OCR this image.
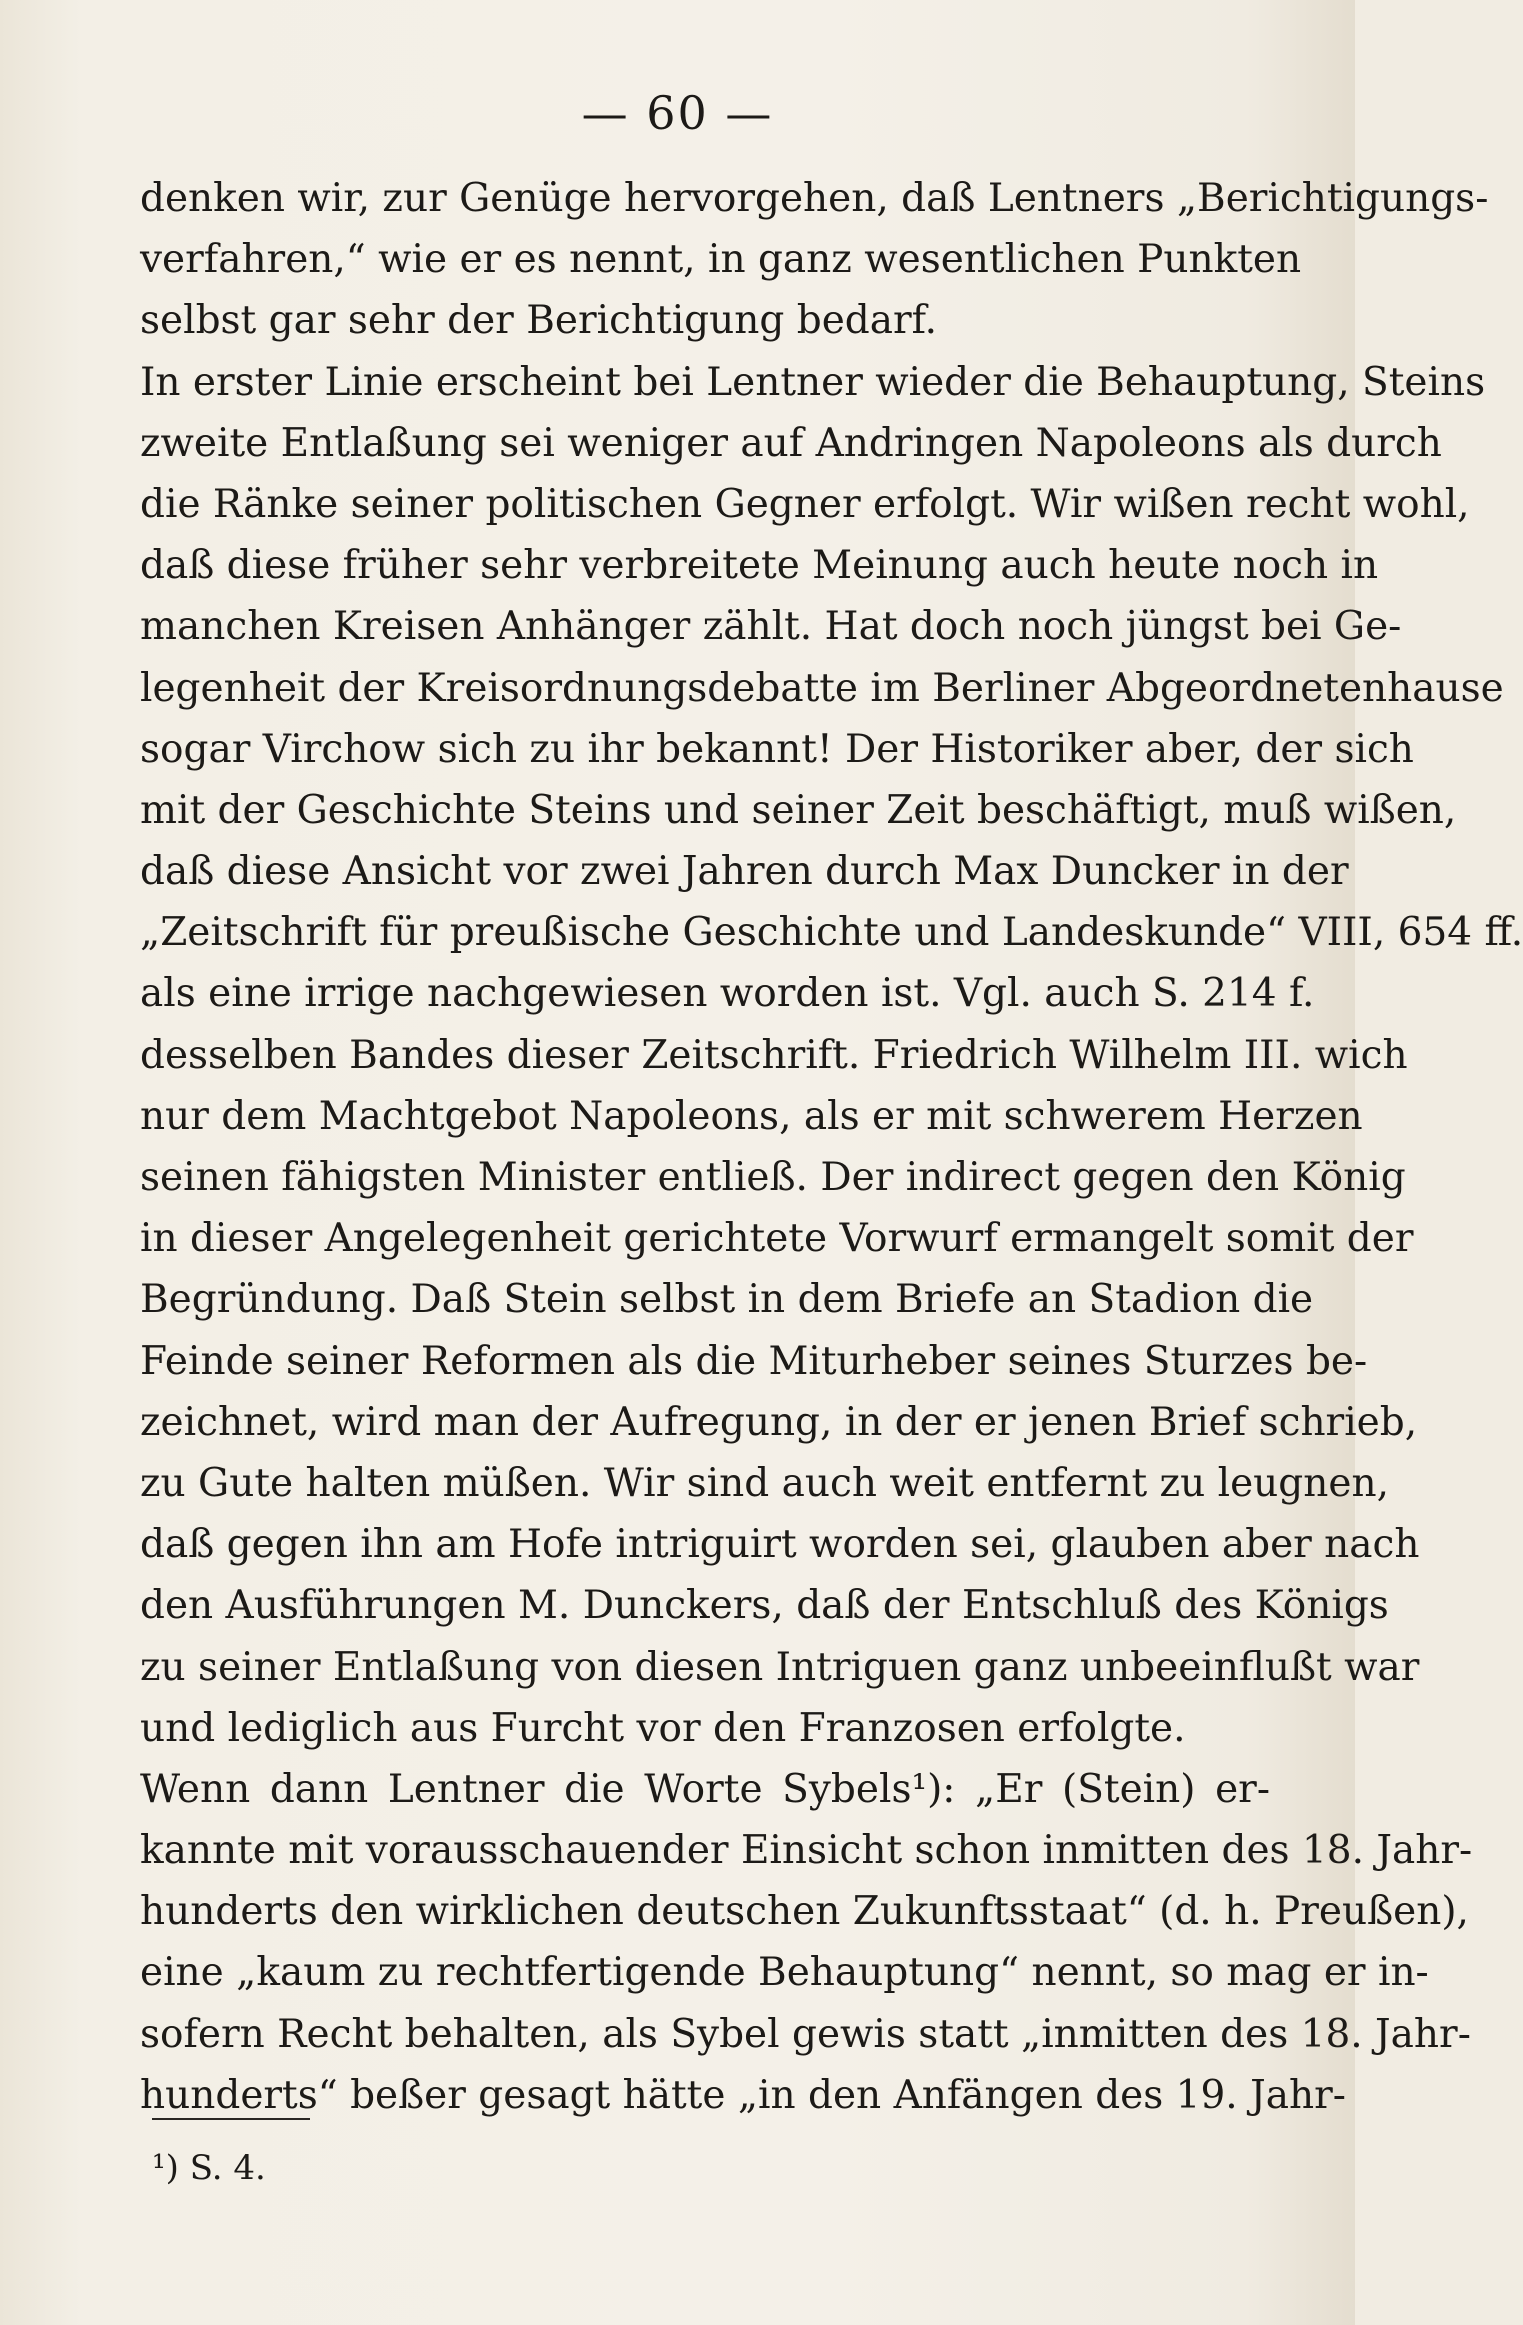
— 60 —
denken wir, zur Genüge hervorgehen, daß Lentners „Berichtigungs-
verfahren,“ wie er es nennt, in ganz wesentlichen Punkten
selbst gar sehr der Berichtigung bedarf.
In erster Linie erscheint bei Lentner wieder die Behauptung, Steins
zweite Entlaßung sei weniger auf Andringen Napoleons als durch
die Ränke seiner politischen Gegner erfolgt. Wir wißen recht wohl,
daß diese früher sehr verbreitete Meinung auch heute noch in
manchen Kreisen Anhänger zählt. Hat doch noch jüngst bei Ge-
legenheit der Kreisordnungsdebatte im Berliner Abgeordnetenhause
sogar Virchow sich zu ihr bekannt! Der Historiker aber, der sich
mit der Geschichte Steins und seiner Zeit beschäftigt, muß wißen,
daß diese Ansicht vor zwei Jahren durch Max Duncker in der
„Zeitschrift für preußische Geschichte und Landeskunde“ VIII, 654 ff.
als eine irrige nachgewiesen worden ist. Vgl. auch S. 214 f.
desselben Bandes dieser Zeitschrift. Friedrich Wilhelm III. wich
nur dem Machtgebot Napoleons, als er mit schwerem Herzen
seinen fähigsten Minister entließ. Der indirect gegen den König
in dieser Angelegenheit gerichtete Vorwurf ermangelt somit der
Begründung. Daß Stein selbst in dem Briefe an Stadion die
Feinde seiner Reformen als die Miturheber seines Sturzes be-
zeichnet, wird man der Aufregung, in der er jenen Brief schrieb,
zu Gute halten müßen. Wir sind auch weit entfernt zu leugnen,
daß gegen ihn am Hofe intriguirt worden sei, glauben aber nach
den Ausführungen M. Dunckers, daß der Entschluß des Königs
zu seiner Entlaßung von diesen Intriguen ganz unbeeinflußt war
und lediglich aus Furcht vor den Franzosen erfolgte.
Wenn dann Lentner die Worte Sybels¹): „Er (Stein) er-
kannte mit vorausschauender Einsicht schon inmitten des 18. Jahr-
hunderts den wirklichen deutschen Zukunftsstaat“ (d. h. Preußen),
eine „kaum zu rechtfertigende Behauptung“ nennt, so mag er in-
sofern Recht behalten, als Sybel gewis statt „inmitten des 18. Jahr-
hunderts“ beßer gesagt hätte „in den Anfängen des 19. Jahr-
¹) S. 4.
